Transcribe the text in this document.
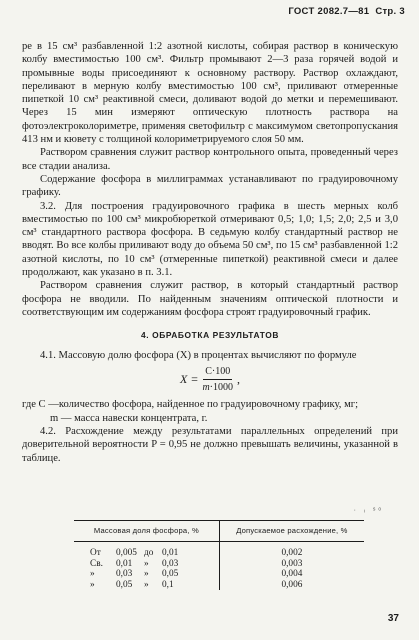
ГОСТ 2082.7—81 Стр. 3

ре в 15 см³ разбавленной 1:2 азотной кислоты, собирая раствор в коническую колбу вместимостью 100 см³. Фильтр промывают 2—3 раза горячей водой и промывные воды присоединяют к основному раствору. Раствор охлаждают, переливают в мерную колбу вместимостью 100 см³, приливают отмеренные пипеткой 10 см³ реактивной смеси, доливают водой до метки и перемешивают. Через 15 мин измеряют оптическую плотность раствора на фотоэлектроколориметре, применяя светофильтр с максимумом светопропускания 413 нм и кювету с толщиной колориметрируемого слоя 50 мм.

Раствором сравнения служит раствор контрольного опыта, проведенный через все стадии анализа.

Содержание фосфора в миллиграммах устанавливают по градуировочному графику.

3.2. Для построения градуировочного графика в шесть мерных колб вместимостью по 100 см³ микробюреткой отмеривают 0,5; 1,0; 1,5; 2,0; 2,5 и 3,0 см³ стандартного раствора фосфора. В седьмую колбу стандартный раствор не вводят. Во все колбы приливают воду до объема 50 см³, по 15 см³ разбавленной 1:2 азотной кислоты, по 10 см³ (отмеренные пипеткой) реактивной смеси и далее продолжают, как указано в п. 3.1.

Раствором сравнения служит раствор, в который стандартный раствор фосфора не вводили. По найденным значениям оптической плотности и соответствующим им содержаниям фосфора строят градуировочный график.

4. ОБРАБОТКА РЕЗУЛЬТАТОВ

4.1. Массовую долю фосфора (X) в процентах вычисляют по формуле

$X = \frac{C\cdot 100}{m\cdot 1000}$ ,
где C — количество фосфора, найденное по градуировочному графику, мг;

m — масса навески концентрата, г.

4.2. Расхождение между результатами параллельных определений при доверительной вероятности P = 0,95 не должно превышать величины, указанной в таблице.

· ᵢ ˢᵒ
Массовая доля фосфора, %	Допускаемое расхождение, %

От 0,005 до 0,01	0,002

Св. 0,01 » 0,03	0,003

» 0,03 » 0,05	0,004

» 0,05 » 0,1	0,006
37
